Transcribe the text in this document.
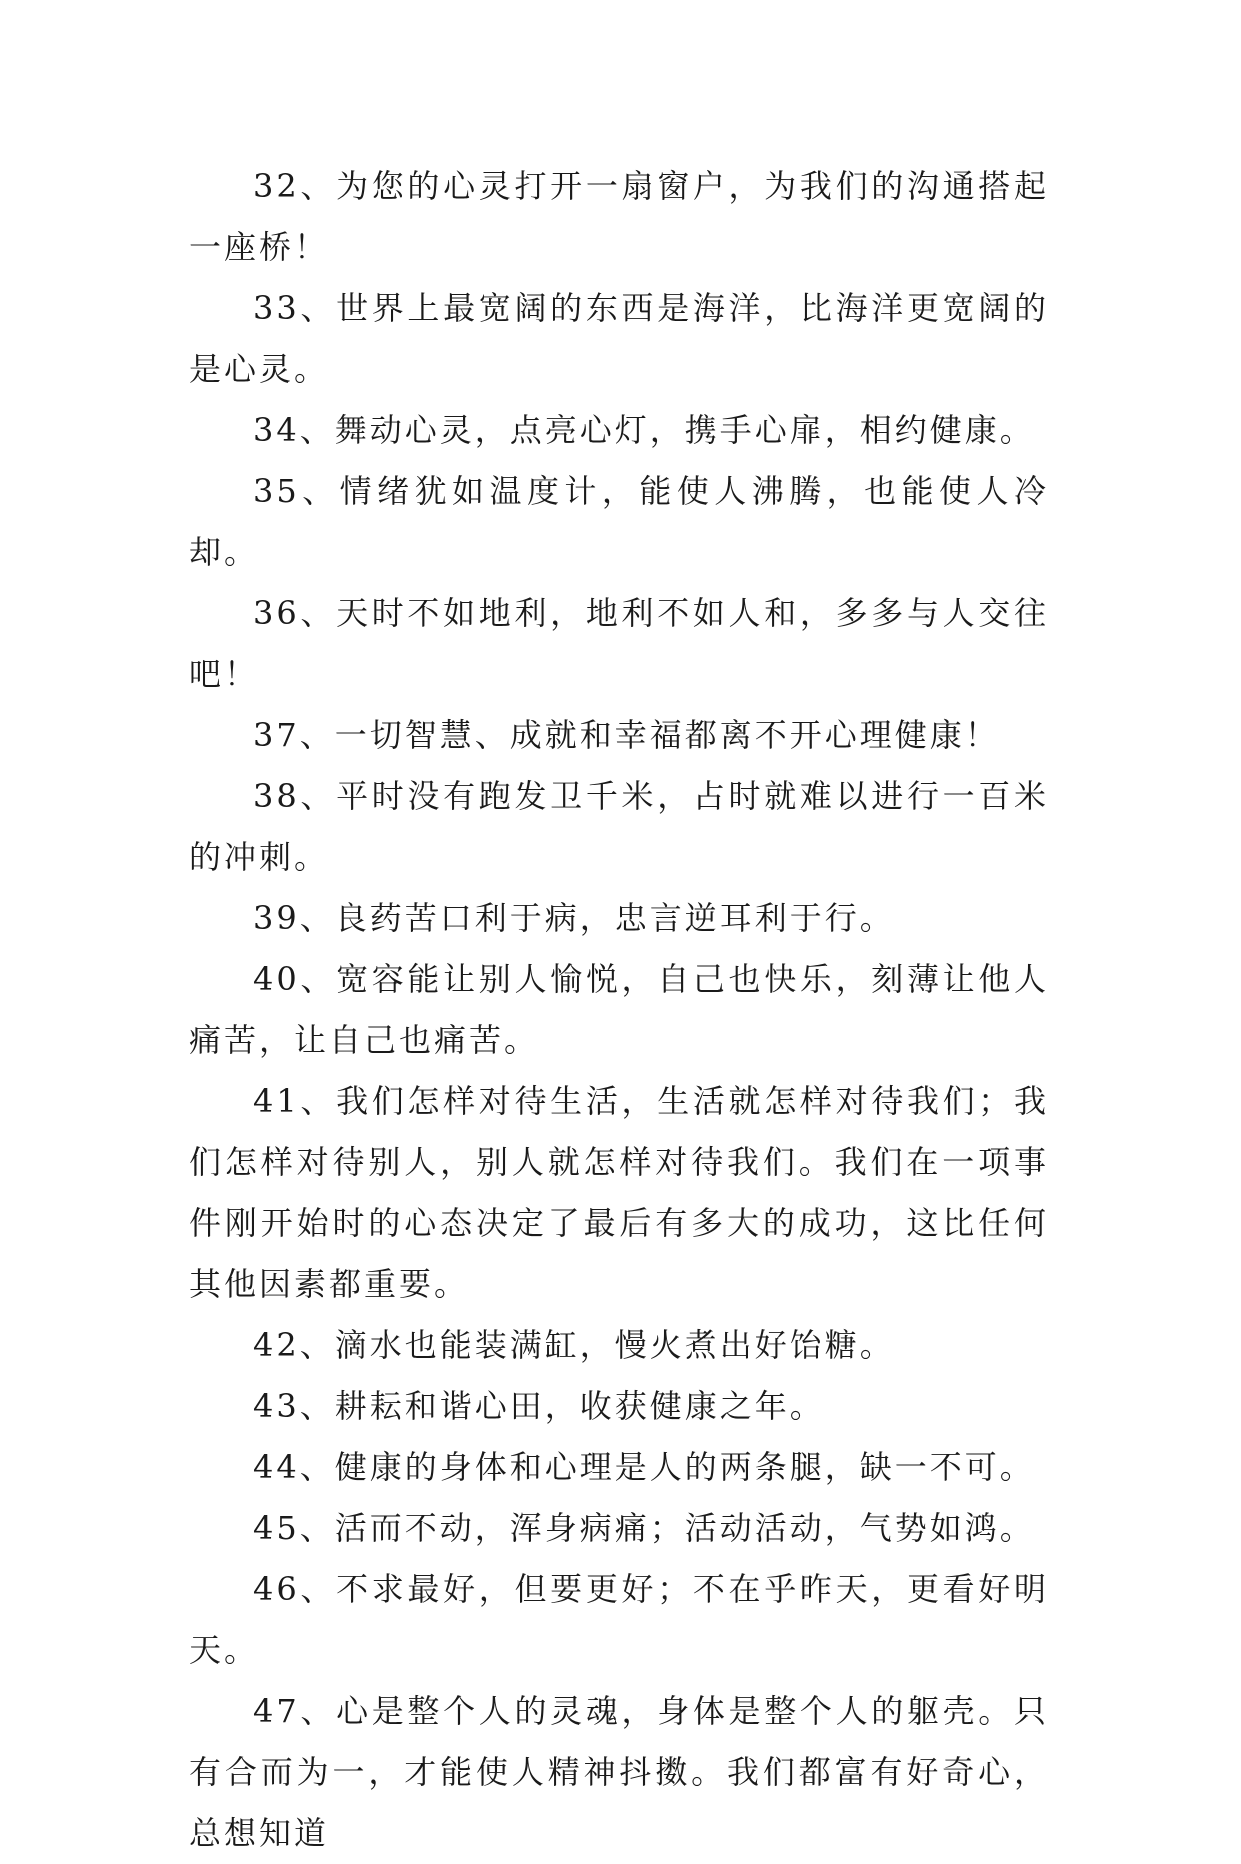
32、为您的心灵打开一扇窗户，为我们的沟通搭起一座桥！

33、世界上最宽阔的东西是海洋，比海洋更宽阔的是心灵。

34、舞动心灵，点亮心灯，携手心扉，相约健康。

35、情绪犹如温度计，能使人沸腾，也能使人冷却。

36、天时不如地利，地利不如人和，多多与人交往吧！

37、一切智慧、成就和幸福都离不开心理健康！

38、平时没有跑发卫千米，占时就难以进行一百米的冲刺。

39、良药苦口利于病，忠言逆耳利于行。

40、宽容能让别人愉悦，自己也快乐，刻薄让他人痛苦，让自己也痛苦。

41、我们怎样对待生活，生活就怎样对待我们；我们怎样对待别人，别人就怎样对待我们。我们在一项事件刚开始时的心态决定了最后有多大的成功，这比任何其他因素都重要。

42、滴水也能装满缸，慢火煮出好饴糖。

43、耕耘和谐心田，收获健康之年。

44、健康的身体和心理是人的两条腿，缺一不可。

45、活而不动，浑身病痛；活动活动，气势如鸿。

46、不求最好，但要更好；不在乎昨天，更看好明天。

47、心是整个人的灵魂，身体是整个人的躯壳。只有合而为一，才能使人精神抖擞。我们都富有好奇心，总想知道
